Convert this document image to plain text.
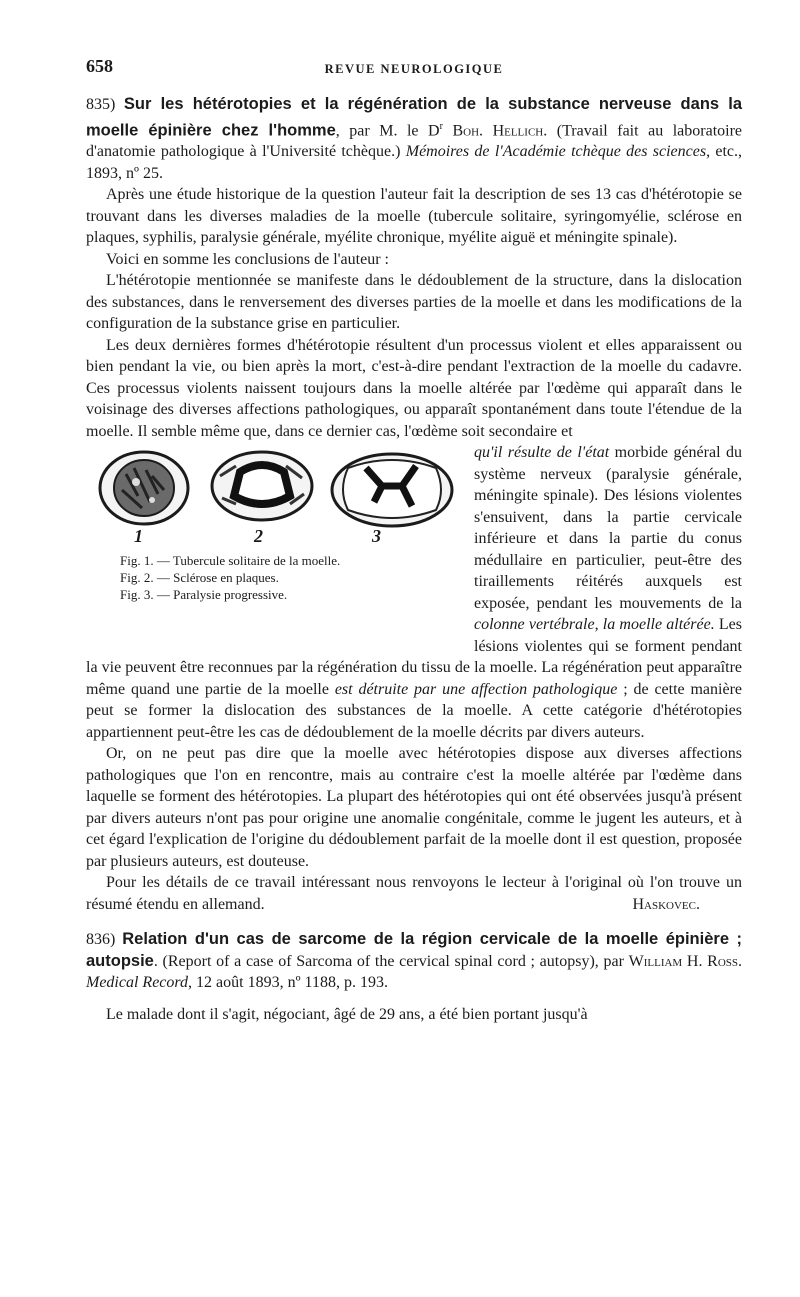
658	REVUE NEUROLOGIQUE

835) Sur les hétérotopies et la régénération de la substance nerveuse dans la moelle épinière chez l'homme, par M. le $D^r$ Boh. Hellich. (Travail fait au laboratoire d'anatomie pathologique à l'Université tchèque.) Mémoires de l'Académie tchèque des sciences, etc., 1893, nº 25.

Après une étude historique de la question l'auteur fait la description de ses 13 cas d'hétérotopie se trouvant dans les diverses maladies de la moelle (tubercule solitaire, syringomyélie, sclérose en plaques, syphilis, paralysie générale, myélite chronique, myélite aiguë et méningite spinale).

Voici en somme les conclusions de l'auteur :

L'hétérotopie mentionnée se manifeste dans le dédoublement de la structure, dans la dislocation des substances, dans le renversement des diverses parties de la moelle et dans les modifications de la configuration de la substance grise en particulier.

Les deux dernières formes d'hétérotopie résultent d'un processus violent et elles apparaissent ou bien pendant la vie, ou bien après la mort, c'est-à-dire pendant l'extraction de la moelle du cadavre. Ces processus violents naissent toujours dans la moelle altérée par l'œdème qui apparaît dans le voisinage des diverses affections pathologiques, ou apparaît spontanément dans toute l'étendue de la moelle. Il semble même que, dans ce dernier cas, l'œdème soit secondaire et

1	2	3
Fig. 1. — Tubercule solitaire de la moelle.
Fig. 2. — Sclérose en plaques.
Fig. 3. — Paralysie progressive.

qu'il résulte de l'état morbide général du système nerveux (paralysie générale, méningite spinale). Des lésions violentes s'ensuivent, dans la partie cervicale inférieure et dans la partie du conus médullaire en particulier, peut-être des tiraillements réitérés auxquels est exposée, pendant les mouvements de la colonne vertébrale, la moelle altérée. Les lésions violentes qui se forment pendant la vie peuvent être reconnues par la régénération du tissu de la moelle. La régénération peut apparaître même quand une partie de la moelle est détruite par une affection pathologique ; de cette manière peut se former la dislocation des substances de la moelle. A cette catégorie d'hétérotopies appartiennent peut-être les cas de dédoublement de la moelle décrits par divers auteurs.

Or, on ne peut pas dire que la moelle avec hétérotopies dispose aux diverses affections pathologiques que l'on en rencontre, mais au contraire c'est la moelle altérée par l'œdème dans laquelle se forment des hétérotopies. La plupart des hétérotopies qui ont été observées jusqu'à présent par divers auteurs n'ont pas pour origine une anomalie congénitale, comme le jugent les auteurs, et à cet égard l'explication de l'origine du dédoublement parfait de la moelle dont il est question, proposée par plusieurs auteurs, est douteuse.

Pour les détails de ce travail intéressant nous renvoyons le lecteur à l'original où l'on trouve un résumé étendu en allemand.	Haskovec.

836) Relation d'un cas de sarcome de la région cervicale de la moelle épinière ; autopsie. (Report of a case of Sarcoma of the cervical spinal cord ; autopsy), par William H. Ross. Medical Record, 12 août 1893, nº 1188, p. 193.

Le malade dont il s'agit, négociant, âgé de 29 ans, a été bien portant jusqu'à
